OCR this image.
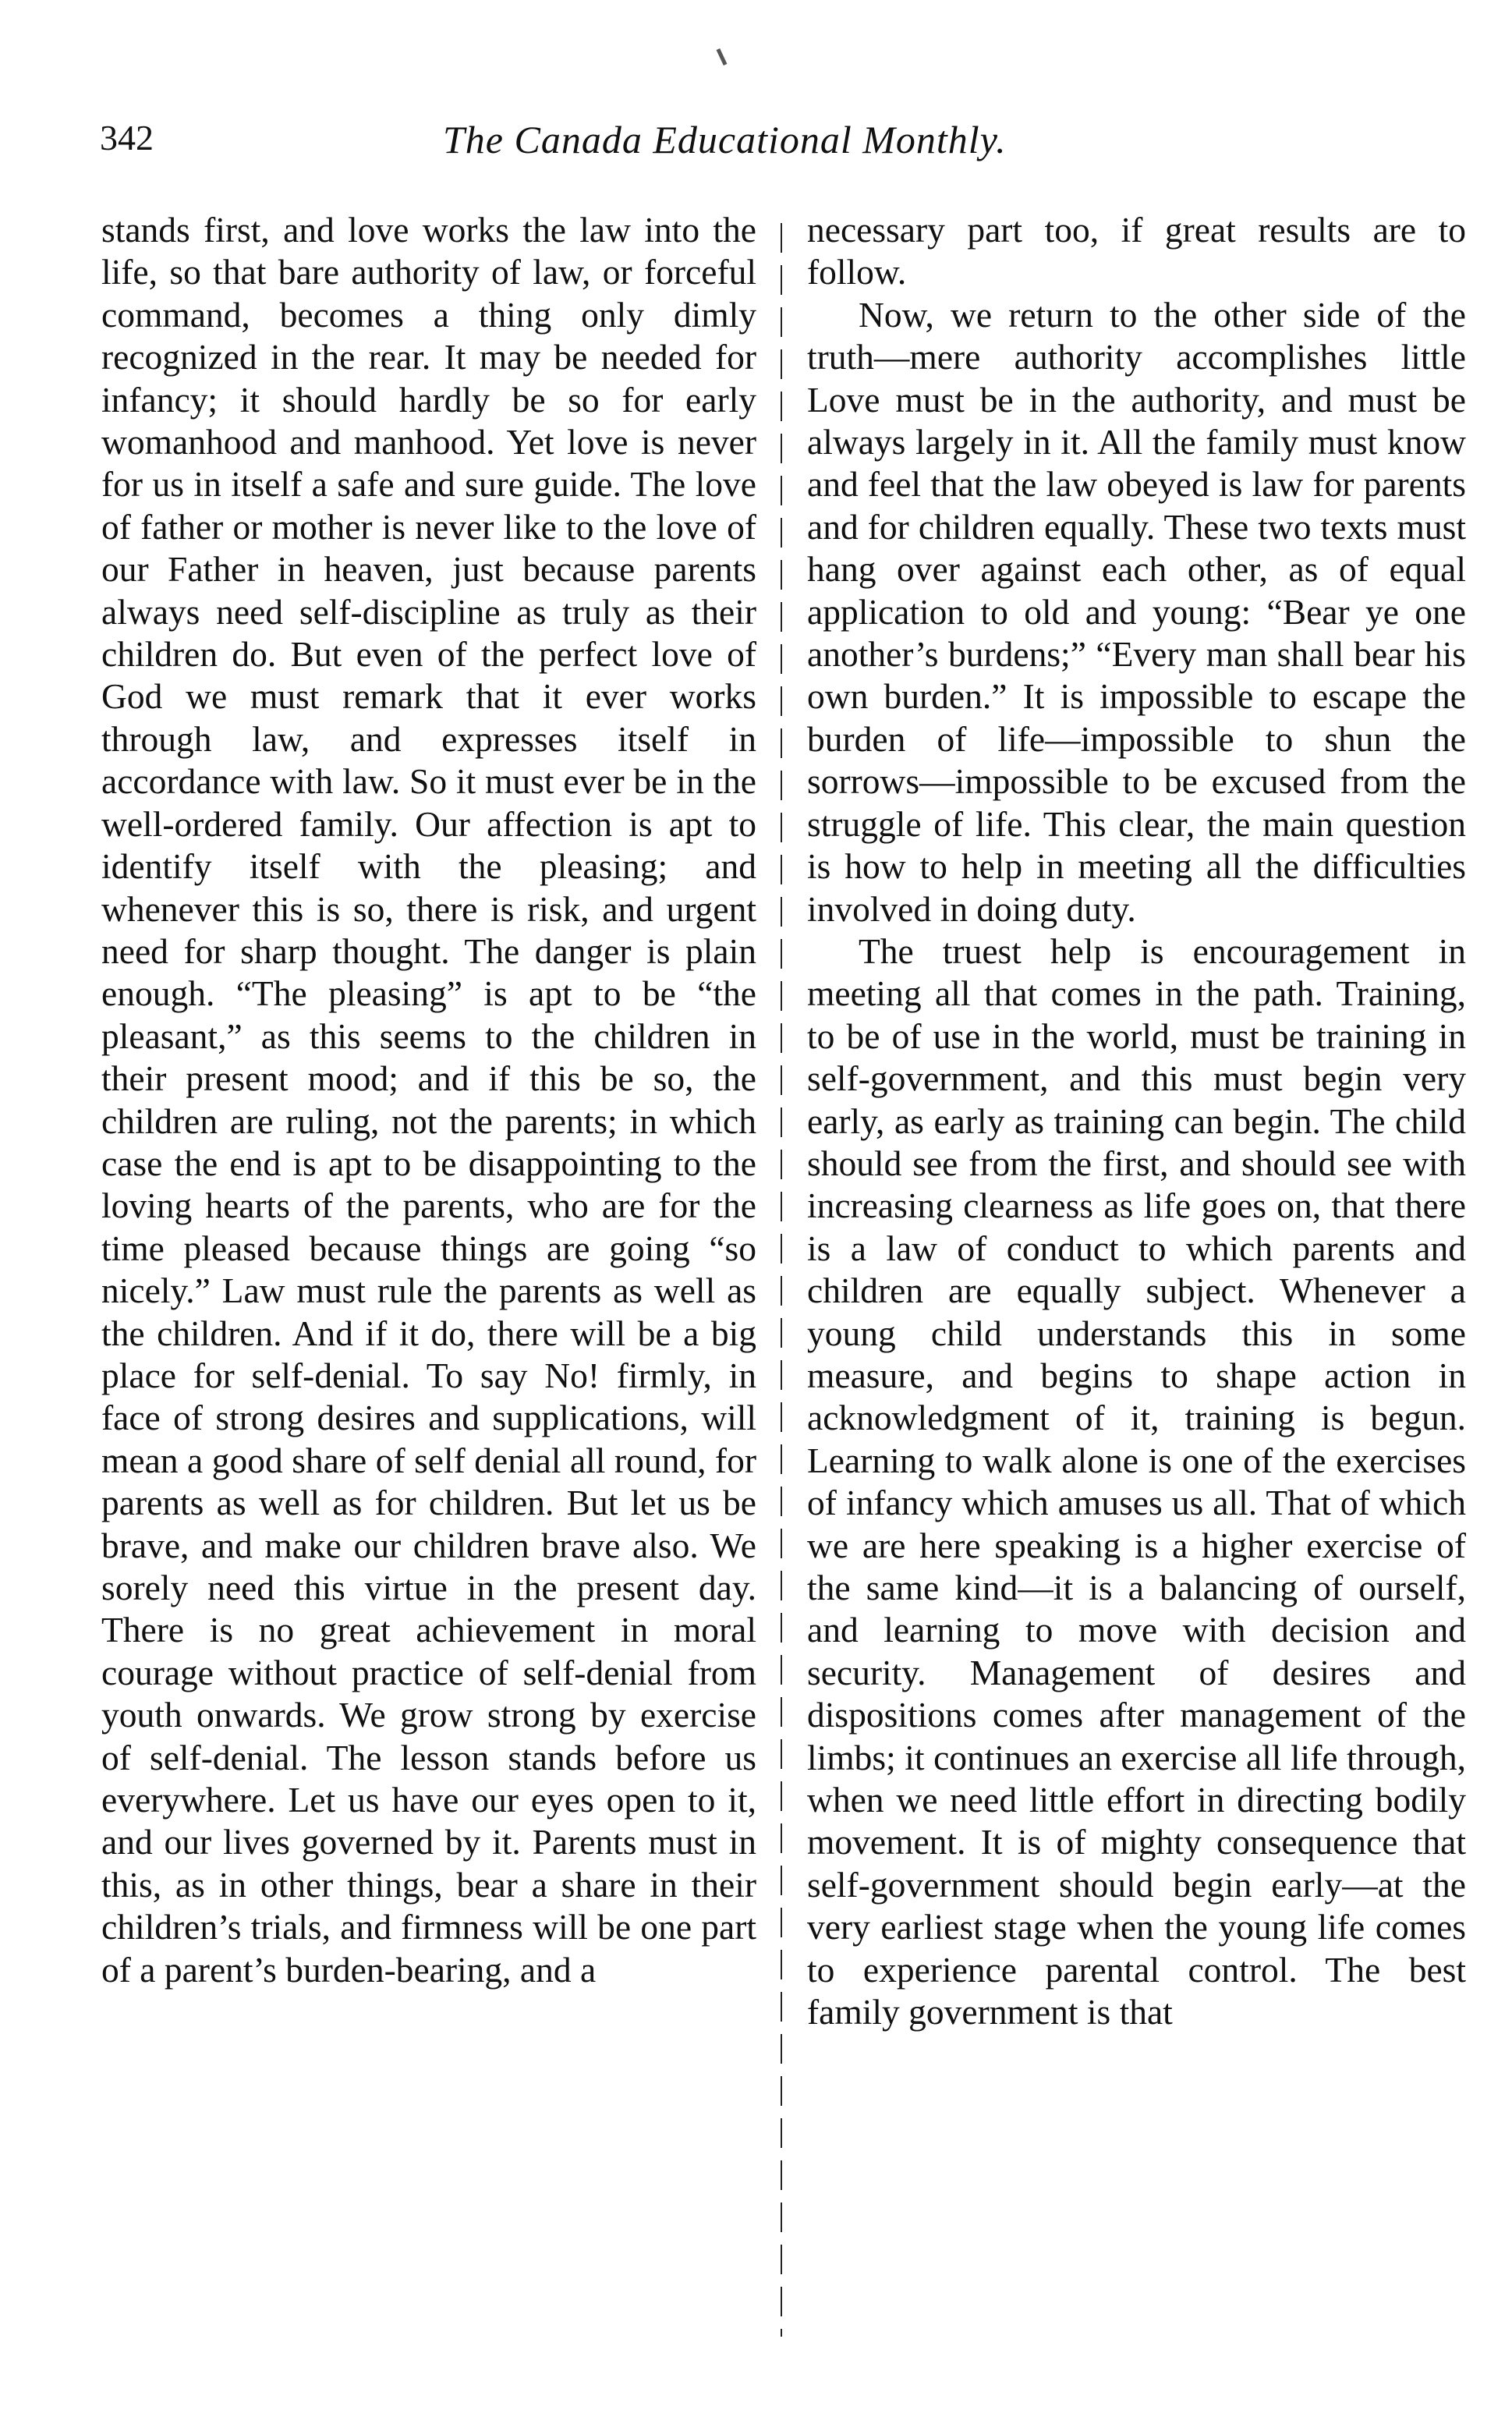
342	The Canada Educational Monthly.

stands first, and love works the law into the life, so that bare authority of law, or forceful command, becomes a thing only dimly recognized in the rear. It may be needed for infancy; it should hardly be so for early womanhood and manhood. Yet love is never for us in itself a safe and sure guide. The love of father or mother is never like to the love of our Father in heaven, just because parents always need self-discipline as truly as their children do. But even of the perfect love of God we must remark that it ever works through law, and expresses itself in accordance with law. So it must ever be in the well-ordered family. Our affection is apt to identify itself with the pleasing; and whenever this is so, there is risk, and urgent need for sharp thought. The danger is plain enough. “The pleasing” is apt to be “the pleasant,” as this seems to the children in their present mood; and if this be so, the children are ruling, not the parents; in which case the end is apt to be disappointing to the loving hearts of the parents, who are for the time pleased because things are going “so nicely.” Law must rule the parents as well as the children. And if it do, there will be a big place for self-denial. To say No! firmly, in face of strong desires and supplications, will mean a good share of self denial all round, for parents as well as for children. But let us be brave, and make our children brave also. We sorely need this virtue in the present day. There is no great achievement in moral courage without practice of self-denial from youth onwards. We grow strong by exercise of self-denial. The lesson stands before us everywhere. Let us have our eyes open to it, and our lives governed by it. Parents must in this, as in other things, bear a share in their children’s trials, and firmness will be one part of a parent’s burden-bearing, and a

necessary part too, if great results are to follow.

Now, we return to the other side of the truth—mere authority accomplishes little Love must be in the authority, and must be always largely in it. All the family must know and feel that the law obeyed is law for parents and for children equally. These two texts must hang over against each other, as of equal application to old and young: “Bear ye one another’s burdens;” “Every man shall bear his own burden.” It is impossible to escape the burden of life—impossible to shun the sorrows—impossible to be excused from the struggle of life. This clear, the main question is how to help in meeting all the difficulties involved in doing duty.

The truest help is encouragement in meeting all that comes in the path. Training, to be of use in the world, must be training in self-government, and this must begin very early, as early as training can begin. The child should see from the first, and should see with increasing clearness as life goes on, that there is a law of conduct to which parents and children are equally subject. Whenever a young child understands this in some measure, and begins to shape action in acknowledgment of it, training is begun. Learning to walk alone is one of the exercises of infancy which amuses us all. That of which we are here speaking is a higher exercise of the same kind—it is a balancing of ourself, and learning to move with decision and security. Management of desires and dispositions comes after management of the limbs; it continues an exercise all life through, when we need little effort in directing bodily movement. It is of mighty consequence that self-government should begin early—at the very earliest stage when the young life comes to experience parental control. The best family government is that
